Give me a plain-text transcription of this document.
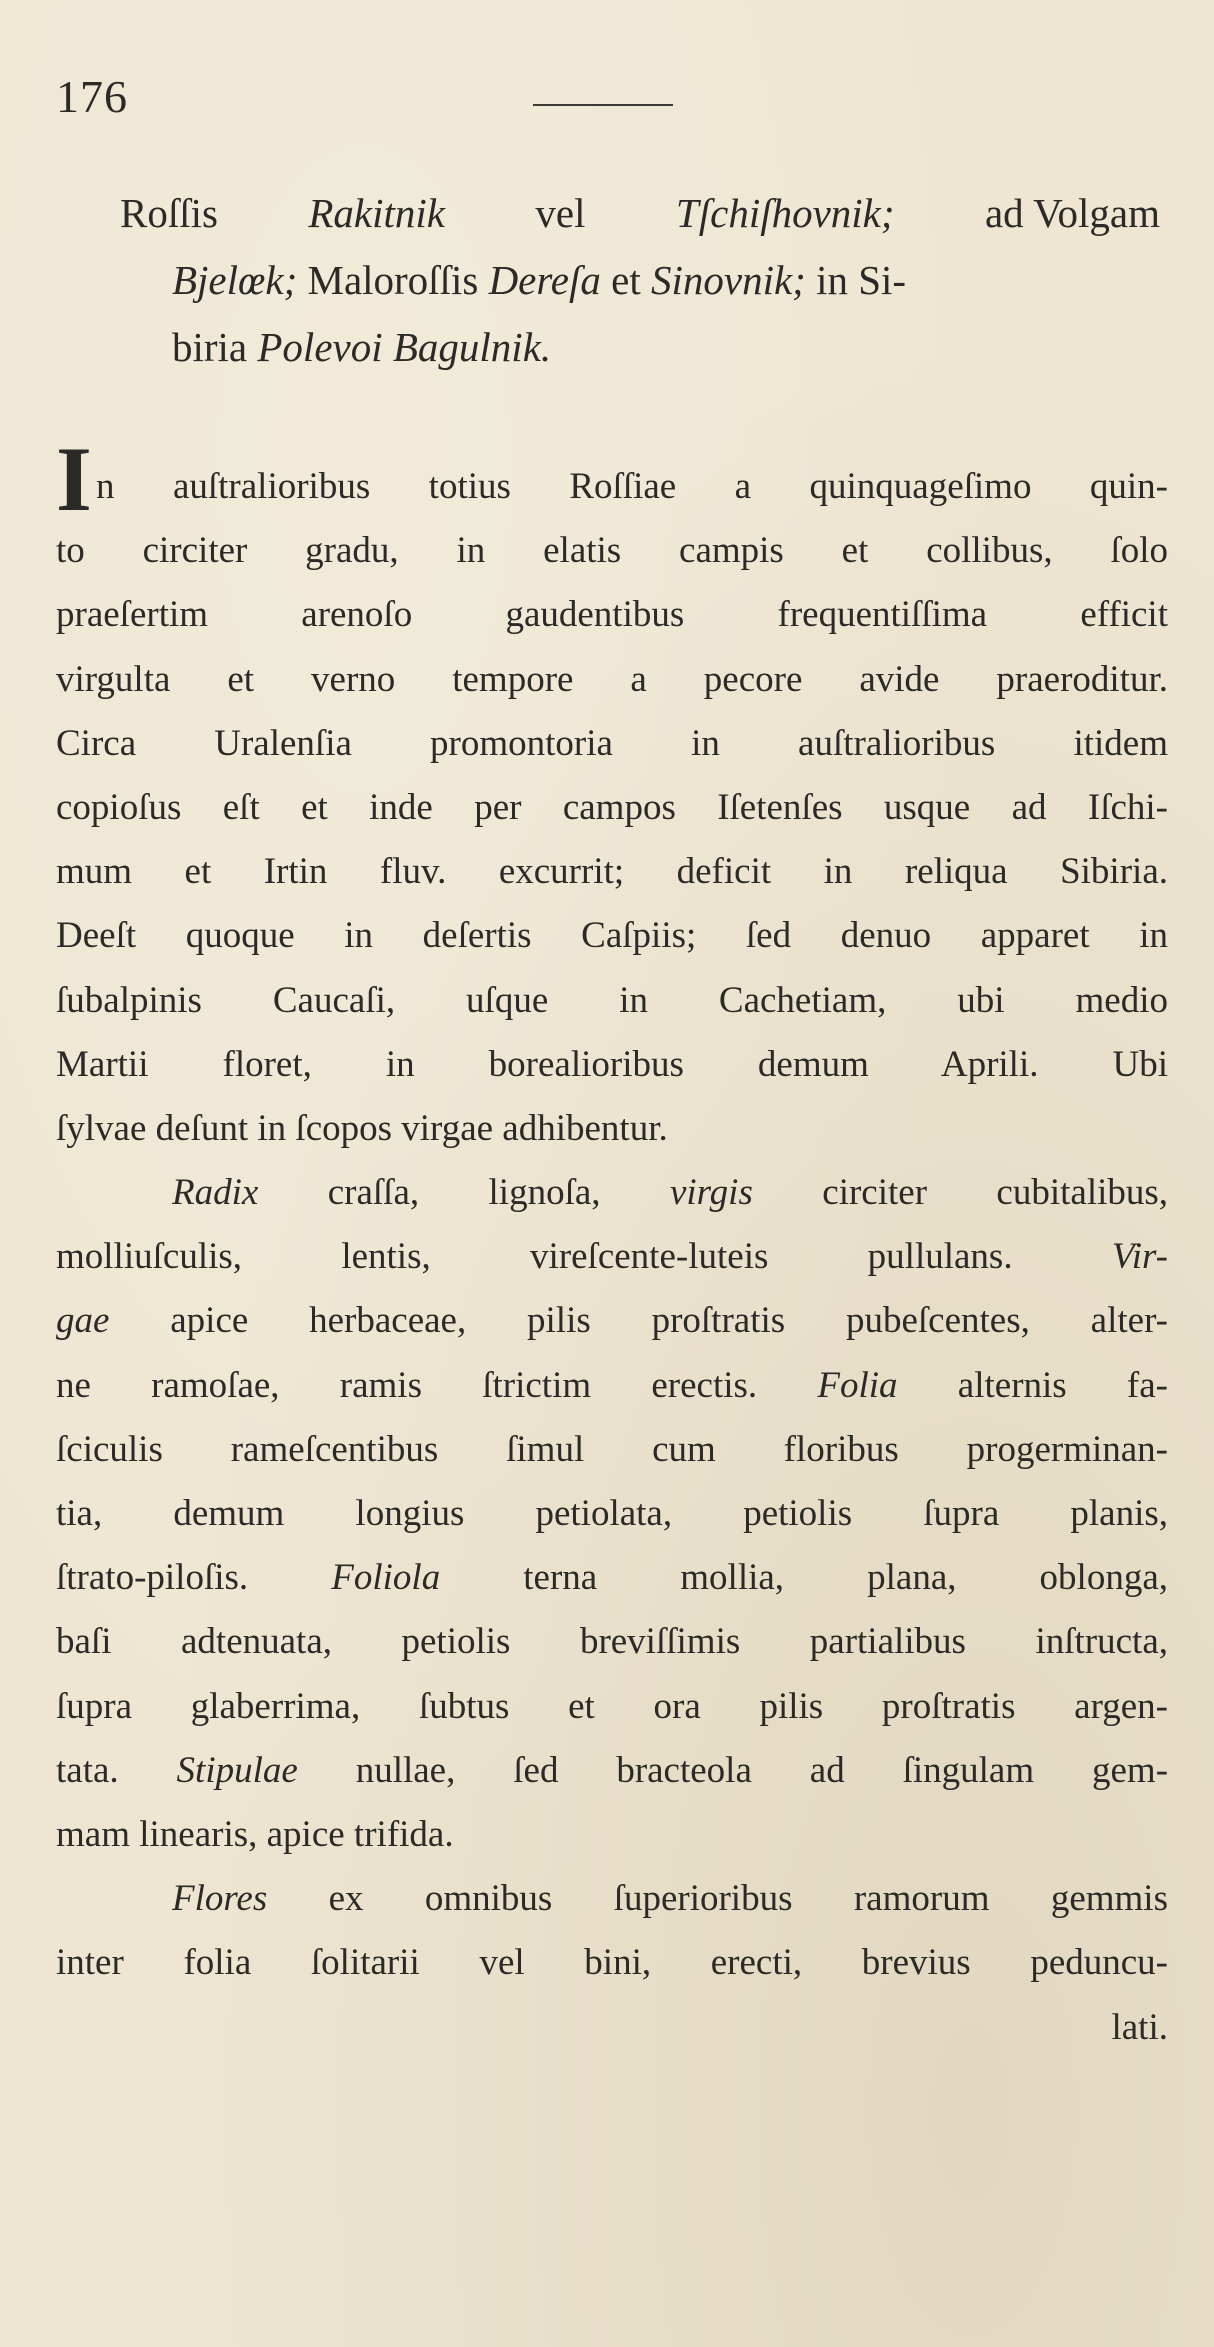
176
Roſſis Rakitnik vel Tſchiſhovnik; ad Volgam
Bjelœk; Maloroſſis Dereſa et Sinovnik; in Si-
biria Polevoi Bagulnik.
I n auſtralioribus totius Roſſiae a quinquageſimo quin-
to circiter gradu, in elatis campis et collibus, ſolo
praeſertim arenoſo gaudentibus frequentiſſima efficit
virgulta et verno tempore a pecore avide praeroditur.
Circa Uralenſia promontoria in auſtralioribus itidem
copioſus eſt et inde per campos Iſetenſes usque ad Iſchi-
mum et Irtin fluv. excurrit; deficit in reliqua Sibiria.
Deeſt quoque in deſertis Caſpiis; ſed denuo apparet in
ſubalpinis Caucaſi, uſque in Cachetiam, ubi medio
Martii floret, in borealioribus demum Aprili. Ubi
ſylvae deſunt in ſcopos virgae adhibentur.
Radix craſſa, lignoſa, virgis circiter cubitalibus,
molliuſculis, lentis, vireſcente-luteis pullulans.	Vir-
gae apice herbaceae, pilis proſtratis pubeſcentes, alter-
ne ramoſae, ramis ſtrictim erectis. Folia alternis fa-
ſciculis rameſcentibus ſimul cum floribus progerminan-
tia, demum longius petiolata, petiolis ſupra planis,
ſtrato-piloſis. Foliola terna mollia, plana, oblonga,
baſi adtenuata, petiolis breviſſimis partialibus inſtructa,
ſupra glaberrima, ſubtus et ora pilis proſtratis argen-
tata. Stipulae nullae, ſed bracteola ad ſingulam gem-
mam linearis, apice trifida.
Flores ex omnibus ſuperioribus ramorum gemmis
inter folia ſolitarii vel bini, erecti, brevius peduncu-
lati.
